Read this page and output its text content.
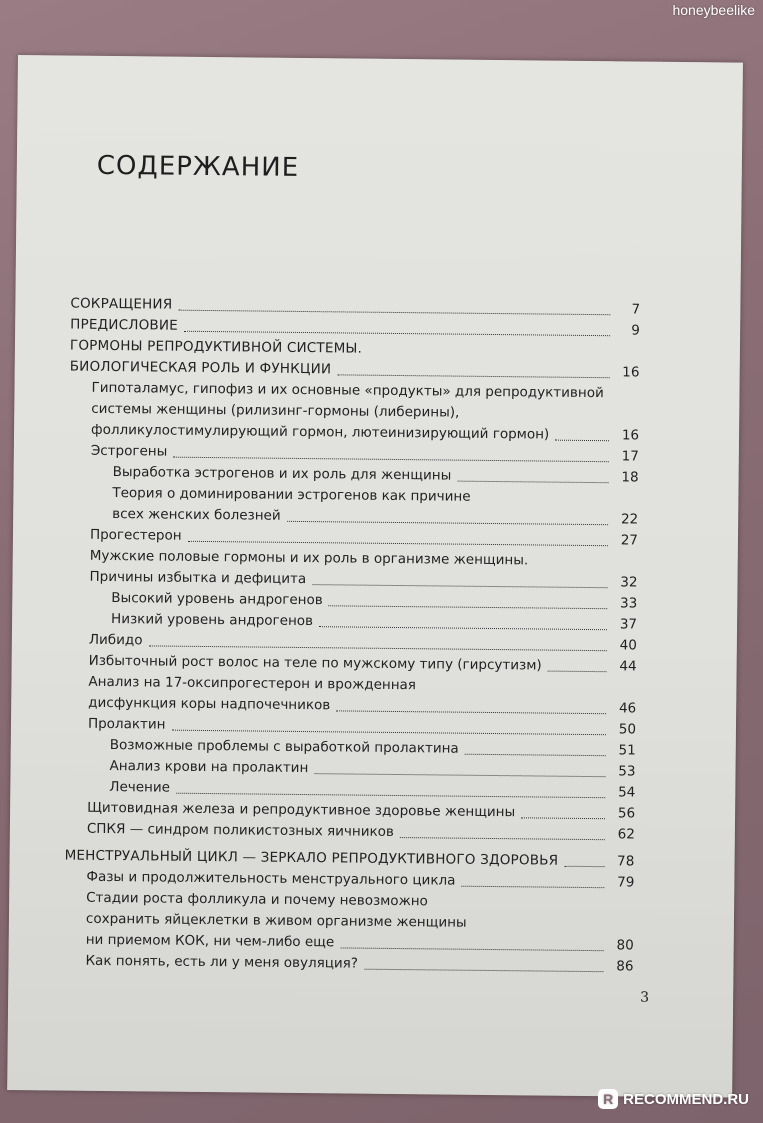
honeybeelike
СОДЕРЖАНИЕ
СОКРАЩЕНИЯ	7
ПРЕДИСЛОВИЕ	9
ГОРМОНЫ РЕПРОДУКТИВНОЙ СИСТЕМЫ.
БИОЛОГИЧЕСКАЯ РОЛЬ И ФУНКЦИИ	16
Гипоталамус, гипофиз и их основные «продукты» для репродуктивной
системы женщины (рилизинг-гормоны (либерины),
фолликулостимулирующий гормон, лютеинизирующий гормон)	16
Эстрогены	17
Выработка эстрогенов и их роль для женщины	18
Теория о доминировании эстрогенов как причине
всех женских болезней	22
Прогестерон	27
Мужские половые гормоны и их роль в организме женщины.
Причины избытка и дефицита	32
Высокий уровень андрогенов	33
Низкий уровень андрогенов	37
Либидо	40
Избыточный рост волос на теле по мужскому типу (гирсутизм)	44
Анализ на 17-оксипрогестерон и врожденная
дисфункция коры надпочечников	46
Пролактин	50
Возможные проблемы с выработкой пролактина	51
Анализ крови на пролактин	53
Лечение	54
Щитовидная железа и репродуктивное здоровье женщины	56
СПКЯ — синдром поликистозных яичников	62
МЕНСТРУАЛЬНЫЙ ЦИКЛ — ЗЕРКАЛО РЕПРОДУКТИВНОГО ЗДОРОВЬЯ	78
Фазы и продолжительность менструального цикла	79
Стадии роста фолликула и почему невозможно
сохранить яйцеклетки в живом организме женщины
ни приемом КОК, ни чем-либо еще	80
Как понять, есть ли у меня овуляция?	86
3
R RECOMMEND.RU
